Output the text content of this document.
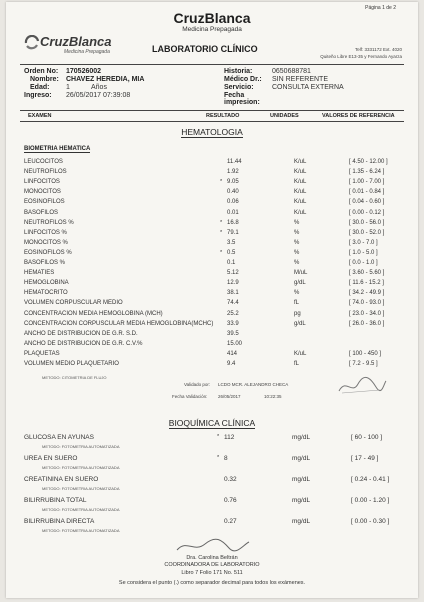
Página 1 de 2
CruzBlanca
Medicina Prepagada
CruzBlanca
Medicina Prepagada	LABORATORIO CLÍNICO	Telf: 3331172 Ext. 4020
Quiteño Libre E13-35 y Fernando Ayarza
Orden No: 170526002
Nombre: CHAVEZ HEREDIA, MIA
Edad: 1	Años
Ingreso: 26/05/2017 07:39:08
Historia:	0650688781
Médico Dr.: SIN REFERENTE
Servicio:	CONSULTA EXTERNA
Fecha impresion:
EXAMEN	RESULTADO	UNIDADES	VALORES DE REFERENCIA
HEMATOLOGIA
BIOMETRIA HEMATICA
LEUCOCITOS	11.44	K/uL	[ 4.50 - 12.00 ]
NEUTROFILOS	1.92	K/uL	[ 1.35 - 6.24 ]
LINFOCITOS	* 9.05	K/uL	[ 1.00 - 7.00 ]
MONOCITOS	0.40	K/uL	[ 0.01 - 0.84 ]
EOSINOFILOS	0.06	K/uL	[ 0.04 - 0.60 ]
BASOFILOS	0.01	K/uL	[ 0.00 - 0.12 ]
NEUTROFILOS %	* 16.8	%	[ 30.0 - 56.0 ]
LINFOCITOS %	* 79.1	%	[ 30.0 - 52.0 ]
MONOCITOS %	3.5	%	[ 3.0 - 7.0 ]
EOSINOFILOS %	* 0.5	%	[ 1.0 - 5.0 ]
BASOFILOS %	0.1	%	[ 0.0 - 1.0 ]
HEMATIES	5.12	M/uL	[ 3.60 - 5.60 ]
HEMOGLOBINA	12.9	g/dL	[ 11.6 - 15.2 ]
HEMATOCRITO	38.1	%	[ 34.2 - 49.9 ]
VOLUMEN CORPUSCULAR MEDIO	74.4	fL	[ 74.0 - 93.0 ]
CONCENTRACION MEDIA HEMOGLOBINA (MCH)	25.2	pg	[ 23.0 - 34.0 ]
CONCENTRACION CORPUSCULAR MEDIA HEMOGLOBINA(MCHC) 33.9	g/dL	[ 26.0 - 36.0 ]
ANCHO DE DISTRIBUCION DE G.R. S.D.	39.5
ANCHO DE DISTRIBUCION DE G.R. C.V.%	15.00
PLAQUETAS	414	K/uL	[ 100 - 450 ]
VOLUMEN MEDIO PLAQUETARIO	9.4	fL	[ 7.2 - 9.5 ]
METODO: CITOMETRIA DE FLUJO
Validado por: LCDO MCR. ALEJANDRO CHECA
Fecha Validación: 26/05/2017	10:22:35
BIOQUÍMICA CLÍNICA
GLUCOSA EN AYUNAS	* 112	mg/dL	[ 60 - 100 ]
METODO: FOTOMETRIA AUTOMATIZADA
UREA EN SUERO	* 8	mg/dL	[ 17 - 49 ]
METODO: FOTOMETRIA AUTOMATIZADA
CREATININA EN SUERO	0.32	mg/dL	[ 0.24 - 0.41 ]
METODO: FOTOMETRIA AUTOMATIZADA
BILIRRUBINA TOTAL	0.76	mg/dL	[ 0.00 - 1.20 ]
METODO: FOTOMETRIA AUTOMATIZADA
BILIRRUBINA DIRECTA	0.27	mg/dL	[ 0.00 - 0.30 ]
METODO: FOTOMETRIA AUTOMATIZADA
Dra. Carolina Beltrán
COORDINADORA DE LABORATORIO
Libro 7 Folio 171 No. 511
Se considera el punto (.) como separador decimal para todos los exámenes.
